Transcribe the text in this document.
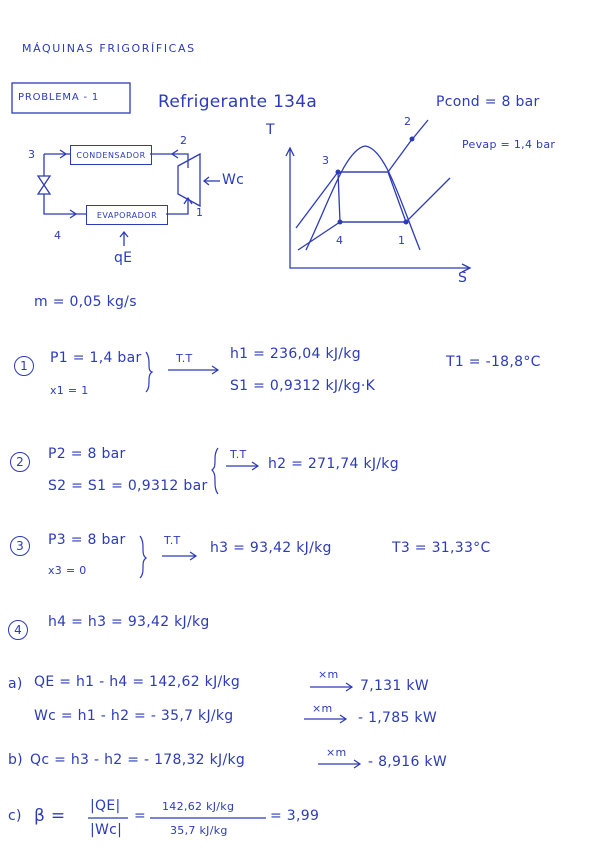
MÁQUINAS FRIGORÍFICAS
PROBLEMA - 1	Refrigerante 134a
CONDENSADOR
EVAPORADOR
2
3
1
4
Wc
qE
T
S
Pcond = 8 bar
Pevap = 1,4 bar
2
3
4	1
m = 0,05 kg/s
1	P1 = 1,4 bar
x1 = 1
T.T	h1 = 236,04 kJ/kg
S1 = 0,9312 kJ/kg·K
T1 = -18,8°C
2	P2 = 8 bar
S2 = S1 = 0,9312 bar
T.T
h2 = 271,74 kJ/kg
3	P3 = 8 bar
x3 = 0
T.T h3 = 93,42 kJ/kg	T3 = 31,33°C
4	h4 = h3 = 93,42 kJ/kg
a) QE = h1 - h4 = 142,62 kJ/kg	×m
7,131 kW
Wc = h1 - h2 = - 35,7 kJ/kg	×m
- 1,785 kW
b) Qc = h3 - h2 = - 178,32 kJ/kg	×m
- 8,916 kW
c) β = |QE|
|Wc|
=
142,62 kJ/kg
35,7 kJ/kg
= 3,99
